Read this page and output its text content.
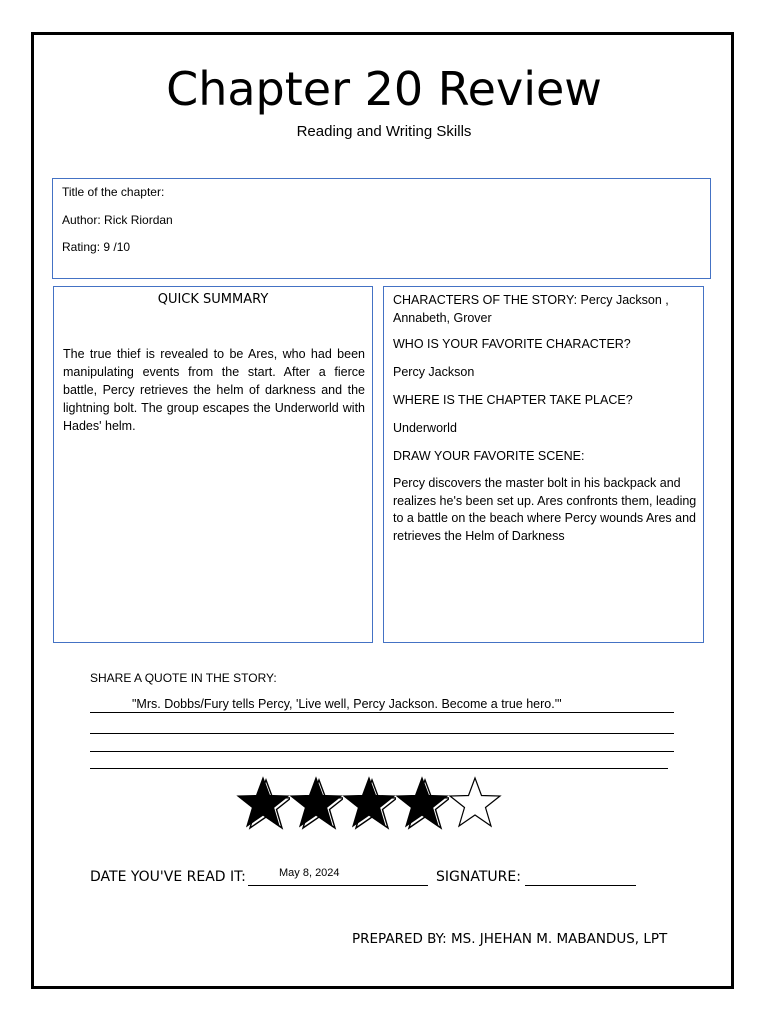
Chapter 20 Review
Reading and Writing Skills
Title of the chapter:
Author: Rick Riordan
Rating: 9 /10
QUICK SUMMARY
The true thief is revealed to be Ares, who had been manipulating events from the start. After a fierce battle, Percy retrieves the helm of darkness and the lightning bolt. The group escapes the Underworld with Hades' helm.
CHARACTERS OF THE STORY: Percy Jackson , Annabeth, Grover
WHO IS YOUR FAVORITE CHARACTER?
Percy Jackson
WHERE IS THE CHAPTER TAKE PLACE?
Underworld
DRAW YOUR FAVORITE SCENE:
Percy discovers the master bolt in his backpack and realizes he's been set up. Ares confronts them, leading to a battle on the beach where Percy wounds Ares and retrieves the Helm of Darkness
SHARE A QUOTE IN THE STORY:
"Mrs. Dobbs/Fury tells Percy, 'Live well, Percy Jackson. Become a true hero.'"
DATE YOU'VE READ IT:	May 8, 2024	SIGNATURE:
PREPARED BY: MS. JHEHAN M. MABANDUS, LPT
